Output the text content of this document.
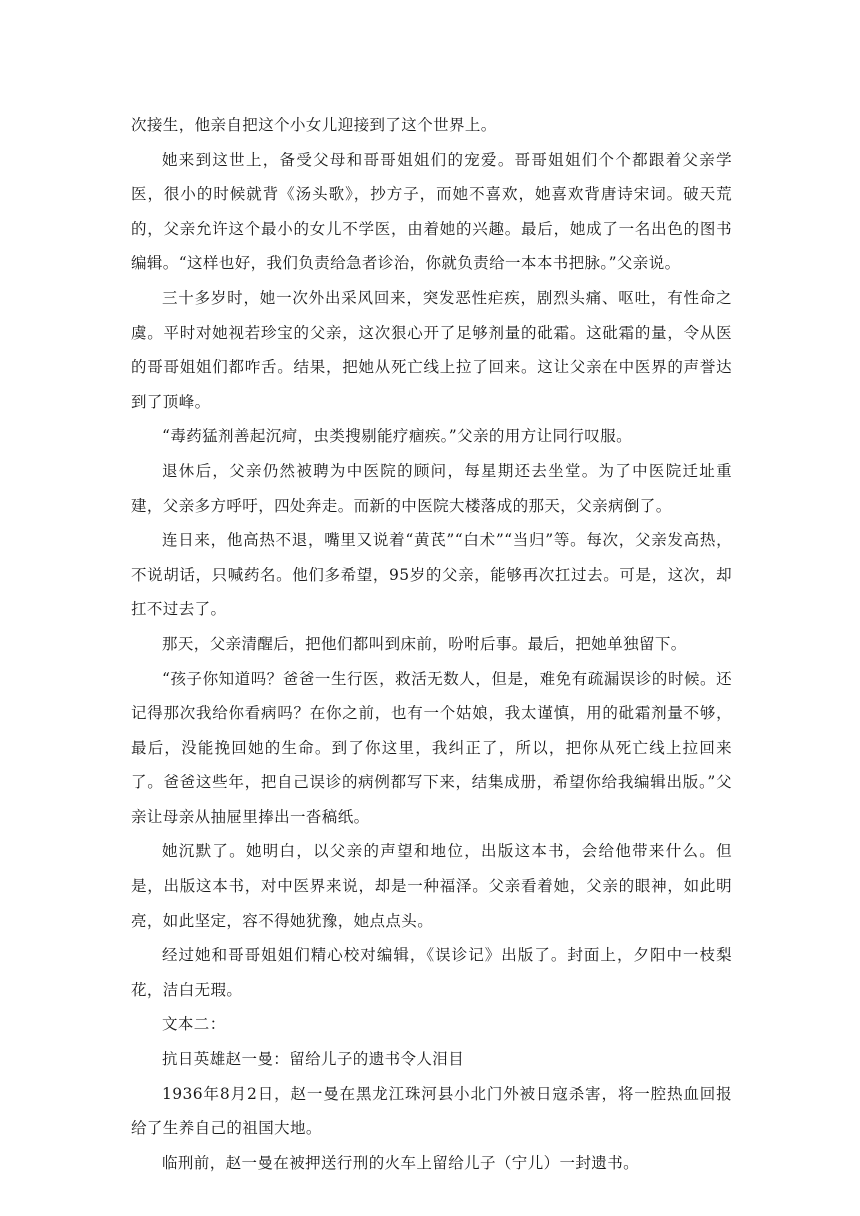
次接生，他亲自把这个小女儿迎接到了这个世界上。

她来到这世上，备受父母和哥哥姐姐们的宠爱。哥哥姐姐们个个都跟着父亲学医，很小的时候就背《汤头歌》，抄方子，而她不喜欢，她喜欢背唐诗宋词。破天荒的，父亲允许这个最小的女儿不学医，由着她的兴趣。最后，她成了一名出色的图书编辑。“这样也好，我们负责给急者诊治，你就负责给一本本书把脉。”父亲说。

三十多岁时，她一次外出采风回来，突发恶性疟疾，剧烈头痛、呕吐，有性命之虞。平时对她视若珍宝的父亲，这次狠心开了足够剂量的砒霜。这砒霜的量，令从医的哥哥姐姐们都咋舌。结果，把她从死亡线上拉了回来。这让父亲在中医界的声誉达到了顶峰。

“毒药猛剂善起沉疴，虫类搜剔能疗痼疾。”父亲的用方让同行叹服。

退休后，父亲仍然被聘为中医院的顾问，每星期还去坐堂。为了中医院迁址重建，父亲多方呼吁，四处奔走。而新的中医院大楼落成的那天，父亲病倒了。

连日来，他高热不退，嘴里又说着“黄芪”“白术”“当归”等。每次，父亲发高热，不说胡话，只喊药名。他们多希望，95岁的父亲，能够再次扛过去。可是，这次，却扛不过去了。

那天，父亲清醒后，把他们都叫到床前，吩咐后事。最后，把她单独留下。

“孩子你知道吗？爸爸一生行医，救活无数人，但是，难免有疏漏误诊的时候。还记得那次我给你看病吗？在你之前，也有一个姑娘，我太谨慎，用的砒霜剂量不够，最后，没能挽回她的生命。到了你这里，我纠正了，所以，把你从死亡线上拉回来了。爸爸这些年，把自己误诊的病例都写下来，结集成册，希望你给我编辑出版。”父亲让母亲从抽屉里捧出一沓稿纸。

她沉默了。她明白，以父亲的声望和地位，出版这本书，会给他带来什么。但是，出版这本书，对中医界来说，却是一种福泽。父亲看着她，父亲的眼神，如此明亮，如此坚定，容不得她犹豫，她点点头。

经过她和哥哥姐姐们精心校对编辑，《误诊记》出版了。封面上，夕阳中一枝梨花，洁白无瑕。

文本二：

抗日英雄赵一曼：留给儿子的遗书令人泪目

1936年8月2日，赵一曼在黑龙江珠河县小北门外被日寇杀害，将一腔热血回报给了生养自己的祖国大地。

临刑前，赵一曼在被押送行刑的火车上留给儿子（宁儿）一封遗书。
